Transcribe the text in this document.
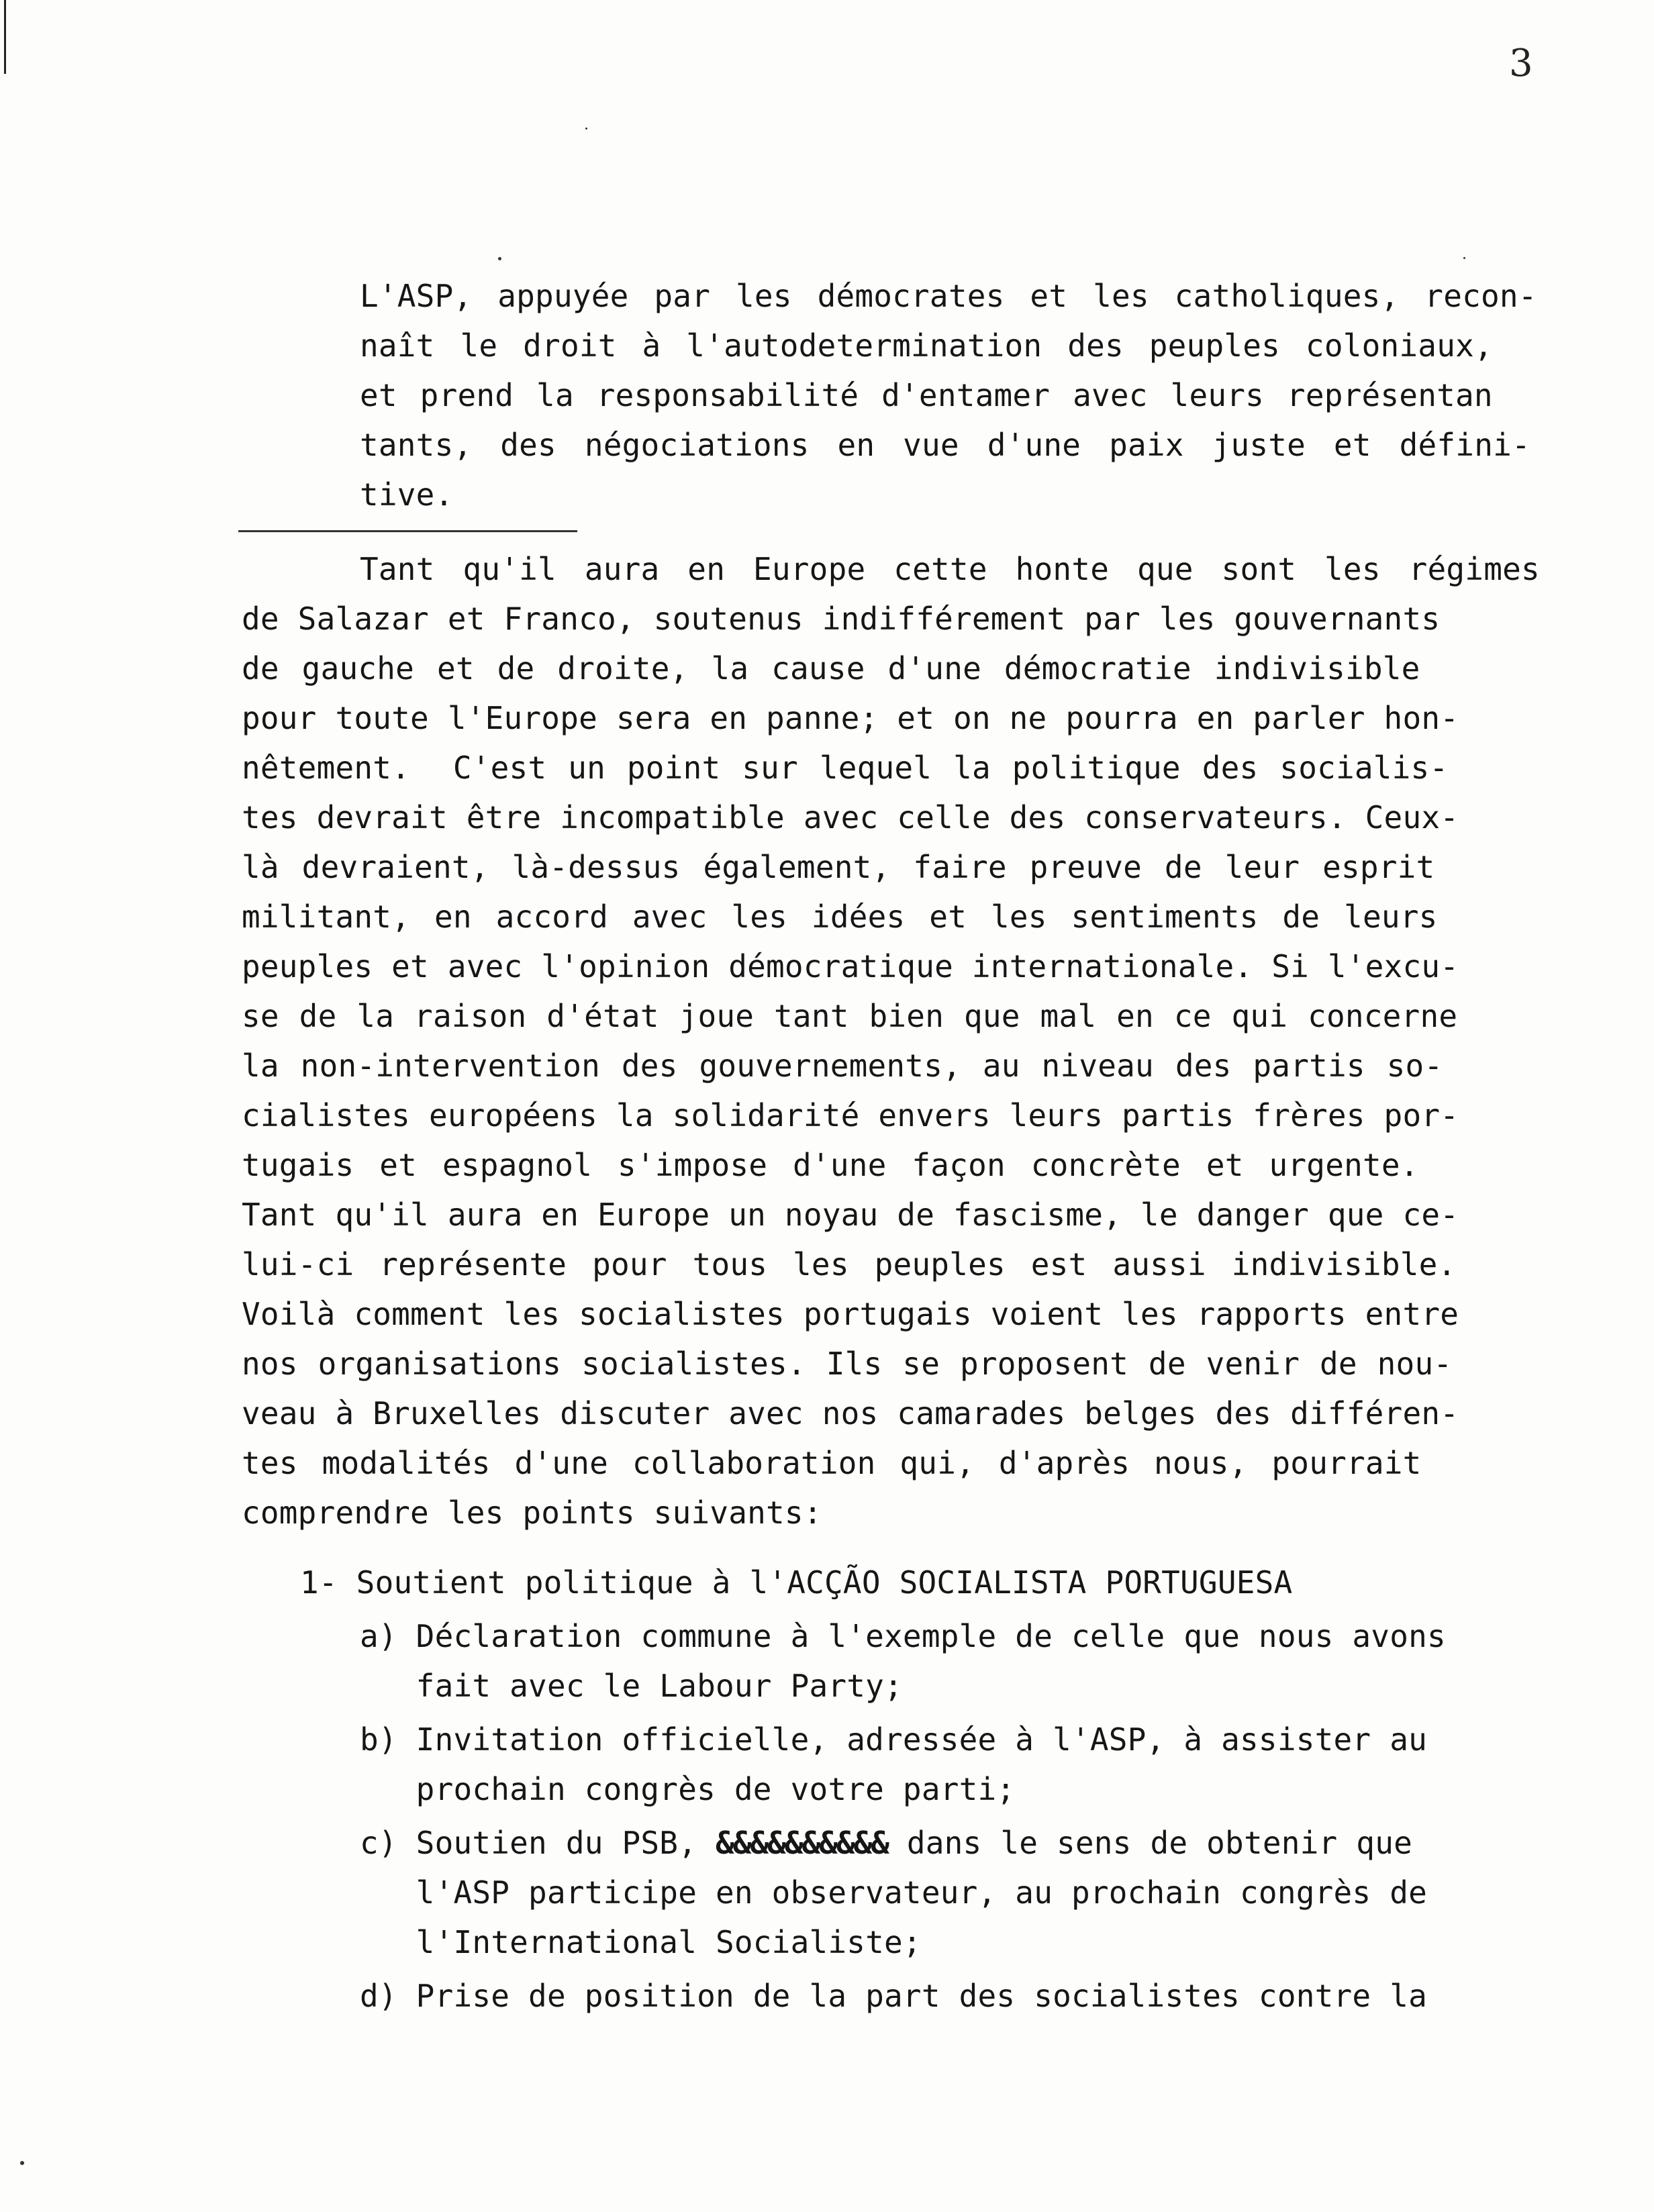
3
L'ASP, appuyée par les démocrates et les catholiques, recon-
naît le droit à l'autodetermination des peuples coloniaux,
et prend la responsabilité d'entamer avec leurs représentan
tants, des négociations en vue d'une paix juste et défini-
tive.
Tant qu'il aura en Europe cette honte que sont les régimes
de Salazar et Franco, soutenus indifférement par les gouvernants
de gauche et de droite, la cause d'une démocratie indivisible
pour toute l'Europe sera en panne; et on ne pourra en parler hon-
nêtement.  C'est un point sur lequel la politique des socialis-
tes devrait être incompatible avec celle des conservateurs. Ceux-
là devraient, là-dessus également, faire preuve de leur esprit
militant, en accord avec les idées et les sentiments de leurs
peuples et avec l'opinion démocratique internationale. Si l'excu-
se de la raison d'état joue tant bien que mal en ce qui concerne
la non-intervention des gouvernements, au niveau des partis so-
cialistes européens la solidarité envers leurs partis frères por-
tugais et espagnol s'impose d'une façon concrète et urgente.
Tant qu'il aura en Europe un noyau de fascisme, le danger que ce-
lui-ci représente pour tous les peuples est aussi indivisible.
Voilà comment les socialistes portugais voient les rapports entre
nos organisations socialistes. Ils se proposent de venir de nou-
veau à Bruxelles discuter avec nos camarades belges des différen-
tes modalités d'une collaboration qui, d'après nous, pourrait
comprendre les points suivants:
1- Soutient politique à l'ACÇÃO SOCIALISTA PORTUGUESA
a) Déclaration commune à l'exemple de celle que nous avons
fait avec le Labour Party;
b) Invitation officielle, adressée à l'ASP, à assister au
prochain congrès de votre parti;
c) Soutien du PSB, &&&&&&&&&& dans le sens de obtenir que
l'ASP participe en observateur, au prochain congrès de
l'International Socialiste;
d) Prise de position de la part des socialistes contre la
